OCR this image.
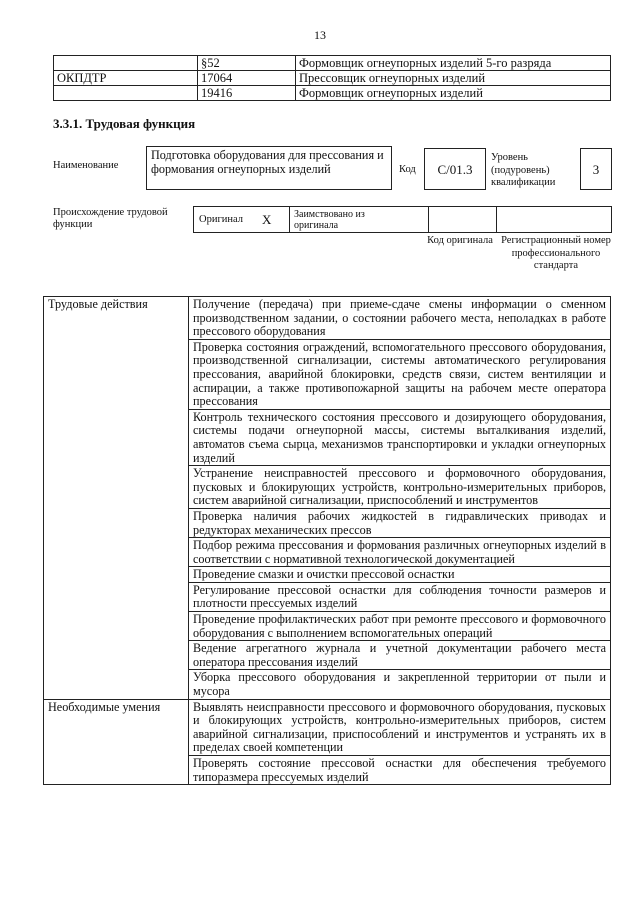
13
	§52	Формовщик огнеупорных изделий 5-го разряда
ОКПДТР	17064	Прессовщик огнеупорных изделий
	19416	Формовщик огнеупорных изделий
3.3.1. Трудовая функция
Наименование
Подготовка оборудования для прессования и формования огнеупорных изделий	Код	C/01.3
Уровень (подуровень) квалификации
3
Происхождение трудовой функции	Оригинал X Заимствовано из оригинала
Код оригинала Регистрационный номер профессионального стандарта
Трудовые действия	Получение (передача) при приеме-сдаче смены информации о сменном производственном задании, о состоянии рабочего места, неполадках в работе прессового оборудования
	Проверка состояния ограждений, вспомогательного прессового оборудования, производственной сигнализации, системы автоматического регулирования прессования, аварийной блокировки, средств связи, систем вентиляции и аспирации, а также противопожарной защиты на рабочем месте оператора прессования
	Контроль технического состояния прессового и дозирующего оборудования, системы подачи огнеупорной массы, системы выталкивания изделий, автоматов съема сырца, механизмов транспортировки и укладки огнеупорных изделий
	Устранение неисправностей прессового и формовочного оборудования, пусковых и блокирующих устройств, контрольно-измерительных приборов, систем аварийной сигнализации, приспособлений и инструментов
	Проверка наличия рабочих жидкостей в гидравлических приводах и редукторах механических прессов
	Подбор режима прессования и формования различных огнеупорных изделий в соответствии с нормативной технологической документацией
	Проведение смазки и очистки прессовой оснастки
	Регулирование прессовой оснастки для соблюдения точности размеров и плотности прессуемых изделий
	Проведение профилактических работ при ремонте прессового и формовочного оборудования с выполнением вспомогательных операций
	Ведение агрегатного журнала и учетной документации рабочего места оператора прессования изделий
	Уборка прессового оборудования и закрепленной территории от пыли и мусора
Необходимые умения	Выявлять неисправности прессового и формовочного оборудования, пусковых и блокирующих устройств, контрольно-измерительных приборов, систем аварийной сигнализации, приспособлений и инструментов и устранять их в пределах своей компетенции
	Проверять состояние прессовой оснастки для обеспечения требуемого типоразмера прессуемых изделий
